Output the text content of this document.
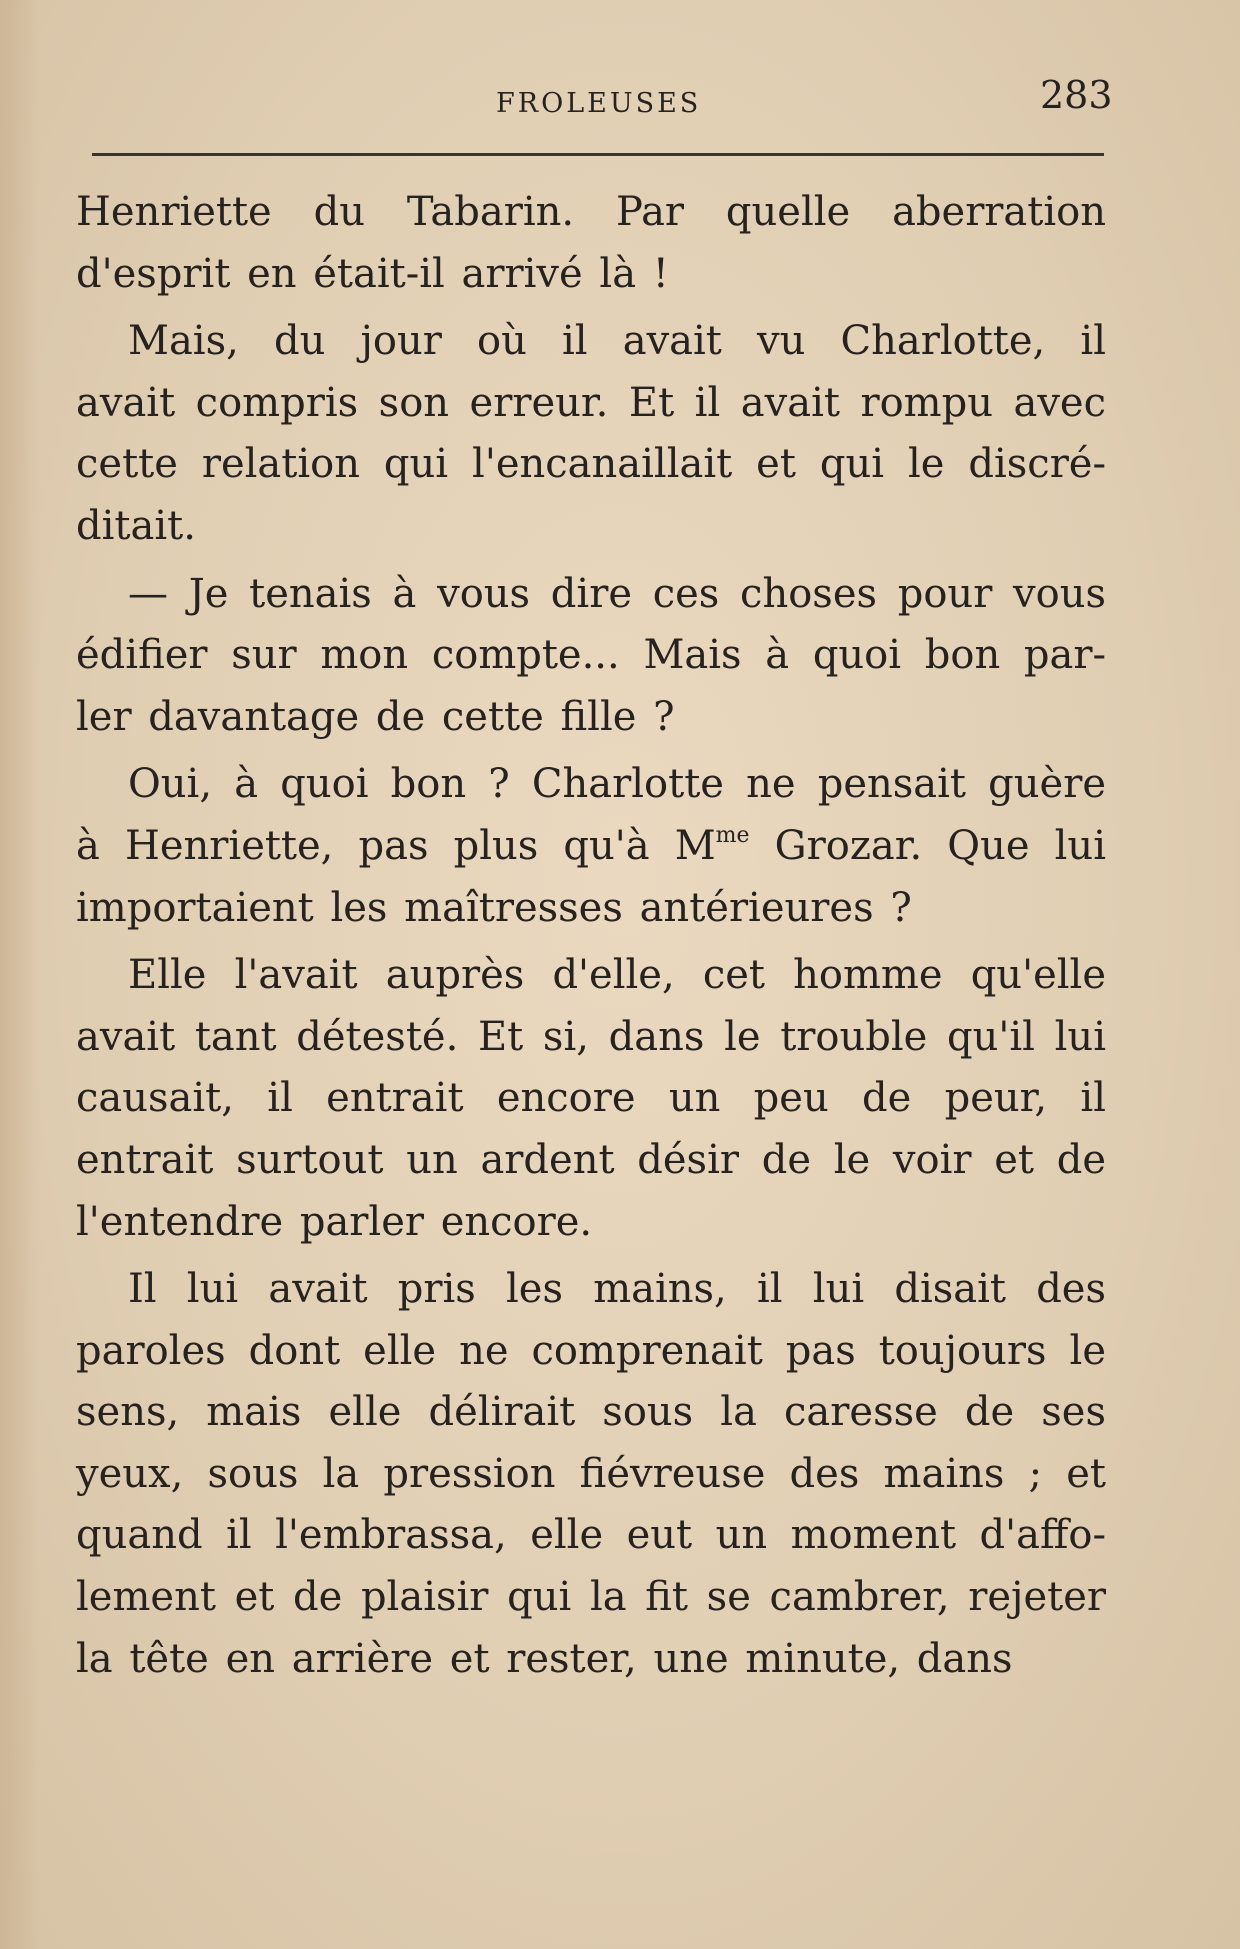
FROLEUSES	283
Henriette du Tabarin. Par quelle aberration
d'esprit en était-il arrivé là !
Mais, du jour où il avait vu Charlotte, il
avait compris son erreur. Et il avait rompu avec
cette relation qui l'encanaillait et qui le discré-
ditait.
— Je tenais à vous dire ces choses pour vous
édifier sur mon compte... Mais à quoi bon par-
ler davantage de cette fille ?
Oui, à quoi bon ? Charlotte ne pensait guère
à Henriette, pas plus qu'à $M^{me}$ Grozar. Que lui
importaient les maîtresses antérieures ?
Elle l'avait auprès d'elle, cet homme qu'elle
avait tant détesté. Et si, dans le trouble qu'il lui
causait, il entrait encore un peu de peur, il
entrait surtout un ardent désir de le voir et de
l'entendre parler encore.
Il lui avait pris les mains, il lui disait des
paroles dont elle ne comprenait pas toujours le
sens, mais elle délirait sous la caresse de ses
yeux, sous la pression fiévreuse des mains ; et
quand il l'embrassa, elle eut un moment d'affo-
lement et de plaisir qui la fit se cambrer, rejeter
la tête en arrière et rester, une minute, dans
